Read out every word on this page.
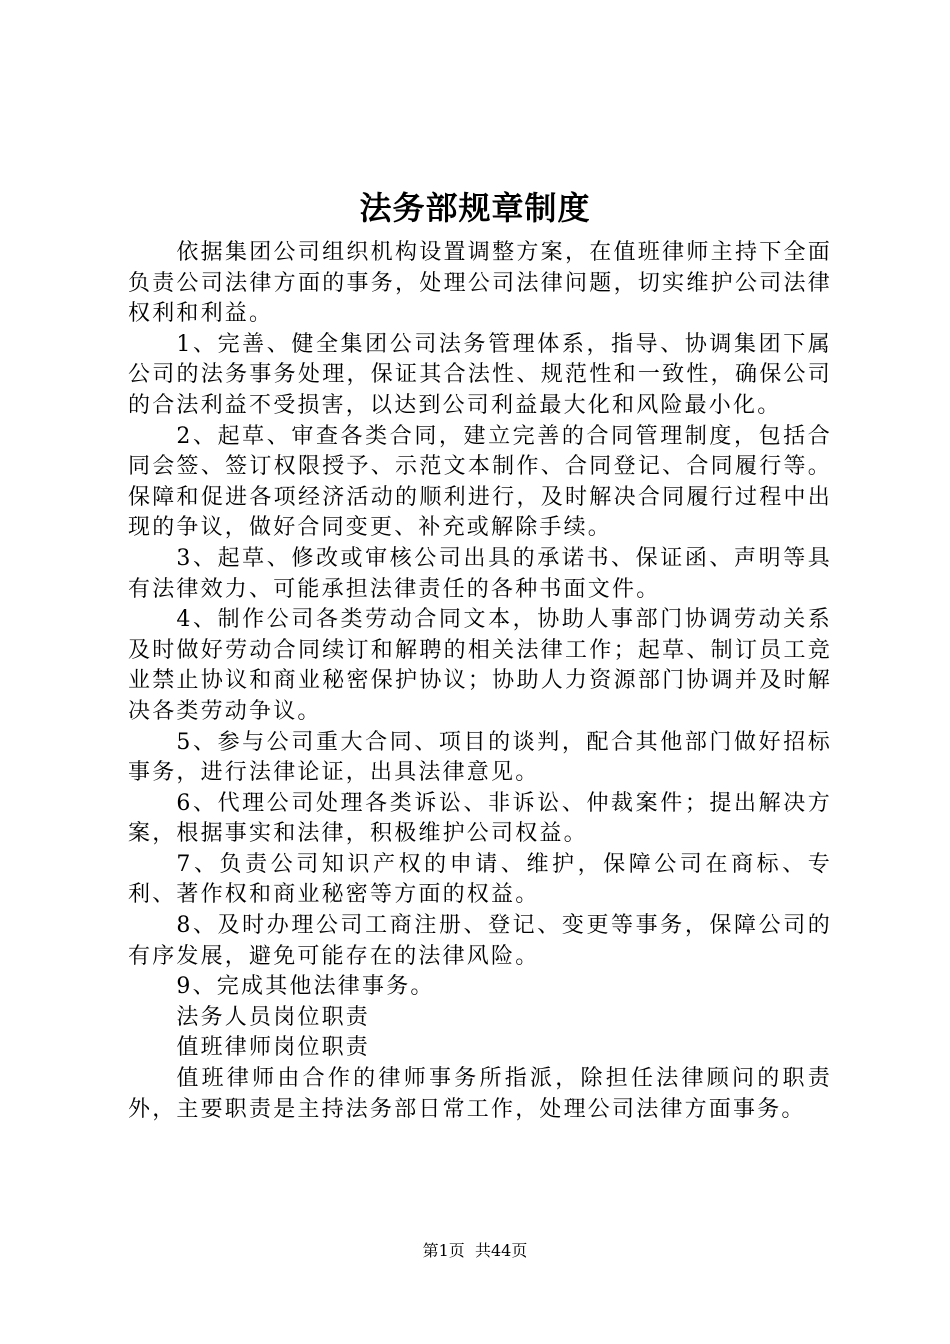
法务部规章制度

依据集团公司组织机构设置调整方案，在值班律师主持下全面负责公司法律方面的事务，处理公司法律问题，切实维护公司法律权利和利益。

1、完善、健全集团公司法务管理体系，指导、协调集团下属公司的法务事务处理，保证其合法性、规范性和一致性，确保公司的合法利益不受损害，以达到公司利益最大化和风险最小化。

2、起草、审查各类合同，建立完善的合同管理制度，包括合同会签、签订权限授予、示范文本制作、合同登记、合同履行等。保障和促进各项经济活动的顺利进行，及时解决合同履行过程中出现的争议，做好合同变更、补充或解除手续。

3、起草、修改或审核公司出具的承诺书、保证函、声明等具有法律效力、可能承担法律责任的各种书面文件。

4、制作公司各类劳动合同文本，协助人事部门协调劳动关系及时做好劳动合同续订和解聘的相关法律工作；起草、制订员工竞业禁止协议和商业秘密保护协议；协助人力资源部门协调并及时解决各类劳动争议。

5、参与公司重大合同、项目的谈判，配合其他部门做好招标事务，进行法律论证，出具法律意见。

6、代理公司处理各类诉讼、非诉讼、仲裁案件；提出解决方案，根据事实和法律，积极维护公司权益。

7、负责公司知识产权的申请、维护，保障公司在商标、专利、著作权和商业秘密等方面的权益。

8、及时办理公司工商注册、登记、变更等事务，保障公司的有序发展，避免可能存在的法律风险。

9、完成其他法律事务。

法务人员岗位职责

值班律师岗位职责

值班律师由合作的律师事务所指派，除担任法律顾问的职责外，主要职责是主持法务部日常工作，处理公司法律方面事务。

第1页 共44页
